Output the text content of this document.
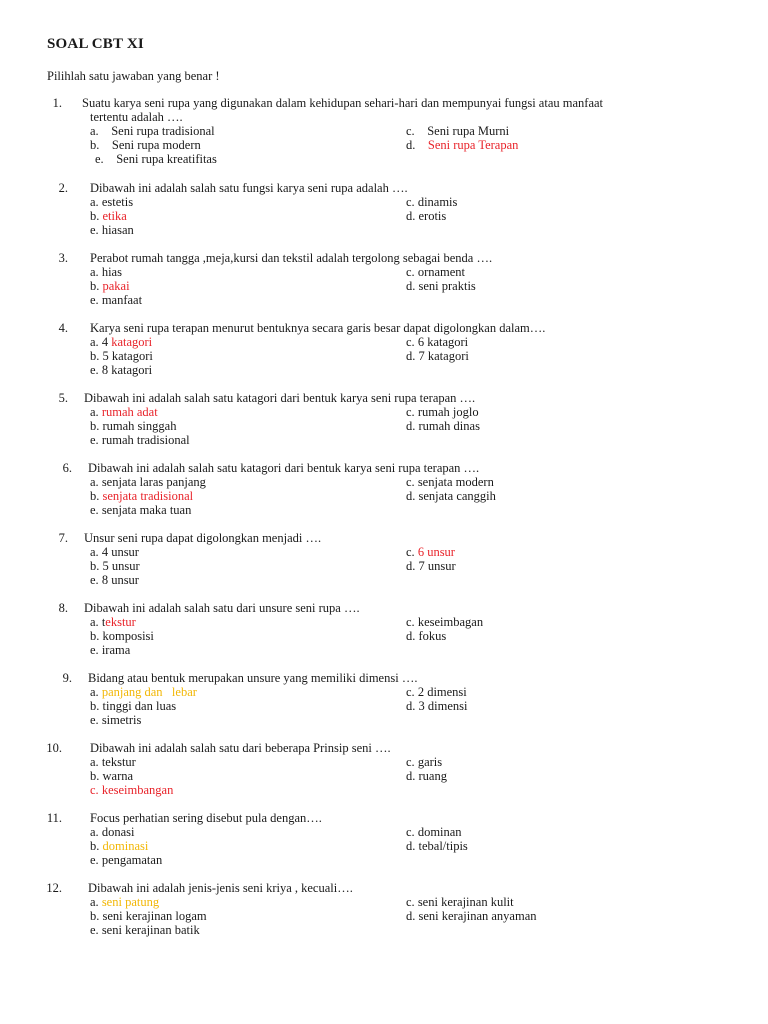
SOAL CBT XI
Pilihlah satu jawaban yang benar !
1. Suatu karya seni rupa yang digunakan dalam kehidupan sehari-hari dan mempunyai fungsi atau manfaat
tertentu adalah ….
a. Seni rupa tradisional	c. Seni rupa Murni
b. Seni rupa modern	d. Seni rupa Terapan
e. Seni rupa kreatifitas
2. Dibawah ini adalah salah satu fungsi karya seni rupa adalah ….
a. estetis	c. dinamis
b. etika	d. erotis
e. hiasan
3. Perabot rumah tangga ,meja,kursi dan tekstil adalah tergolong sebagai benda ….
a. hias	c. ornament
b. pakai	d. seni praktis
e. manfaat
4. Karya seni rupa terapan menurut bentuknya secara garis besar dapat digolongkan dalam….
a. 4 katagori	c. 6 katagori
b. 5 katagori	d. 7 katagori
e. 8 katagori
5. Dibawah ini adalah salah satu katagori dari bentuk karya seni rupa terapan ….
a. rumah adat	c. rumah joglo
b. rumah singgah	d. rumah dinas
e. rumah tradisional
6. Dibawah ini adalah salah satu katagori dari bentuk karya seni rupa terapan ….
a. senjata laras panjang	c. senjata modern
b. senjata tradisional	d. senjata canggih
e. senjata maka tuan
7. Unsur seni rupa dapat digolongkan menjadi ….
a. 4 unsur	c. 6 unsur
b. 5 unsur	d. 7 unsur
e. 8 unsur
8. Dibawah ini adalah salah satu dari unsure seni rupa ….
a. tekstur	c. keseimbagan
b. komposisi	d. fokus
e. irama
9. Bidang atau bentuk merupakan unsure yang memiliki dimensi ….
a. panjang dan   lebar	c. 2 dimensi
b. tinggi dan luas	d. 3 dimensi
e. simetris
10. Dibawah ini adalah salah satu dari beberapa Prinsip seni ….
a. tekstur	c. garis
b. warna	d. ruang
c. keseimbangan
11. Focus perhatian sering disebut pula dengan….
a. donasi	c. dominan
b. dominasi	d. tebal/tipis
e. pengamatan
12. Dibawah ini adalah jenis-jenis seni kriya , kecuali….
a. seni patung	c. seni kerajinan kulit
b. seni kerajinan logam	d. seni kerajinan anyaman
e. seni kerajinan batik
